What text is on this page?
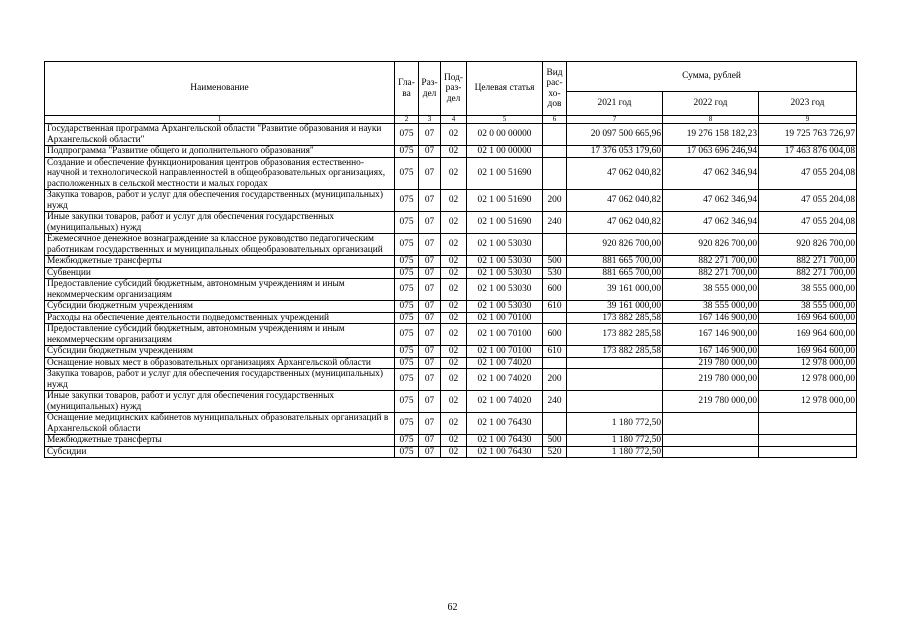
Наименование	Гла-ва	Раз-дел	Под-раз-дел	Целевая статья	Вид рас-хо-дов	Сумма, рублей		
						2021 год	2022 год	2023 год
1	2	3	4	5	6	7	8	9
Государственная программа Архангельской области "Развитие образования и науки Архангельской области"	075	07	02	02 0 00 00000		20 097 500 665,96	19 276 158 182,23	19 725 763 726,97
Подпрограмма "Развитие общего и дополнительного образования"	075	07	02	02 1 00 00000		17 376 053 179,60	17 063 696 246,94	17 463 876 004,08
Создание и обеспечение функционирования центров образования естественно-научной и технологической направленностей в общеобразовательных организациях, расположенных в сельской местности и малых городах	075	07	02	02 1 00 51690		47 062 040,82	47 062 346,94	47 055 204,08
Закупка товаров, работ и услуг для обеспечения государственных (муниципальных) нужд	075	07	02	02 1 00 51690	200	47 062 040,82	47 062 346,94	47 055 204,08
Иные закупки товаров, работ и услуг для обеспечения государственных (муниципальных) нужд	075	07	02	02 1 00 51690	240	47 062 040,82	47 062 346,94	47 055 204,08
Ежемесячное денежное вознаграждение за классное руководство педагогическим работникам государственных и муниципальных общеобразовательных организаций	075	07	02	02 1 00 53030		920 826 700,00	920 826 700,00	920 826 700,00
Межбюджетные трансферты	075	07	02	02 1 00 53030	500	881 665 700,00	882 271 700,00	882 271 700,00
Субвенции	075	07	02	02 1 00 53030	530	881 665 700,00	882 271 700,00	882 271 700,00
Предоставление субсидий бюджетным, автономным учреждениям и иным некоммерческим организациям	075	07	02	02 1 00 53030	600	39 161 000,00	38 555 000,00	38 555 000,00
Субсидии бюджетным учреждениям	075	07	02	02 1 00 53030	610	39 161 000,00	38 555 000,00	38 555 000,00
Расходы на обеспечение деятельности подведомственных учреждений	075	07	02	02 1 00 70100		173 882 285,58	167 146 900,00	169 964 600,00
Предоставление субсидий бюджетным, автономным учреждениям и иным некоммерческим организациям	075	07	02	02 1 00 70100	600	173 882 285,58	167 146 900,00	169 964 600,00
Субсидии бюджетным учреждениям	075	07	02	02 1 00 70100	610	173 882 285,58	167 146 900,00	169 964 600,00
Оснащение новых мест в образовательных организациях Архангельской области	075	07	02	02 1 00 74020			219 780 000,00	12 978 000,00
Закупка товаров, работ и услуг для обеспечения государственных (муниципальных) нужд	075	07	02	02 1 00 74020	200		219 780 000,00	12 978 000,00
Иные закупки товаров, работ и услуг для обеспечения государственных (муниципальных) нужд	075	07	02	02 1 00 74020	240		219 780 000,00	12 978 000,00
Оснащение медицинских кабинетов муниципальных образовательных организаций в Архангельской области	075	07	02	02 1 00 76430		1 180 772,50		
Межбюджетные трансферты	075	07	02	02 1 00 76430	500	1 180 772,50		
Субсидии	075	07	02	02 1 00 76430	520	1 180 772,50		
62
